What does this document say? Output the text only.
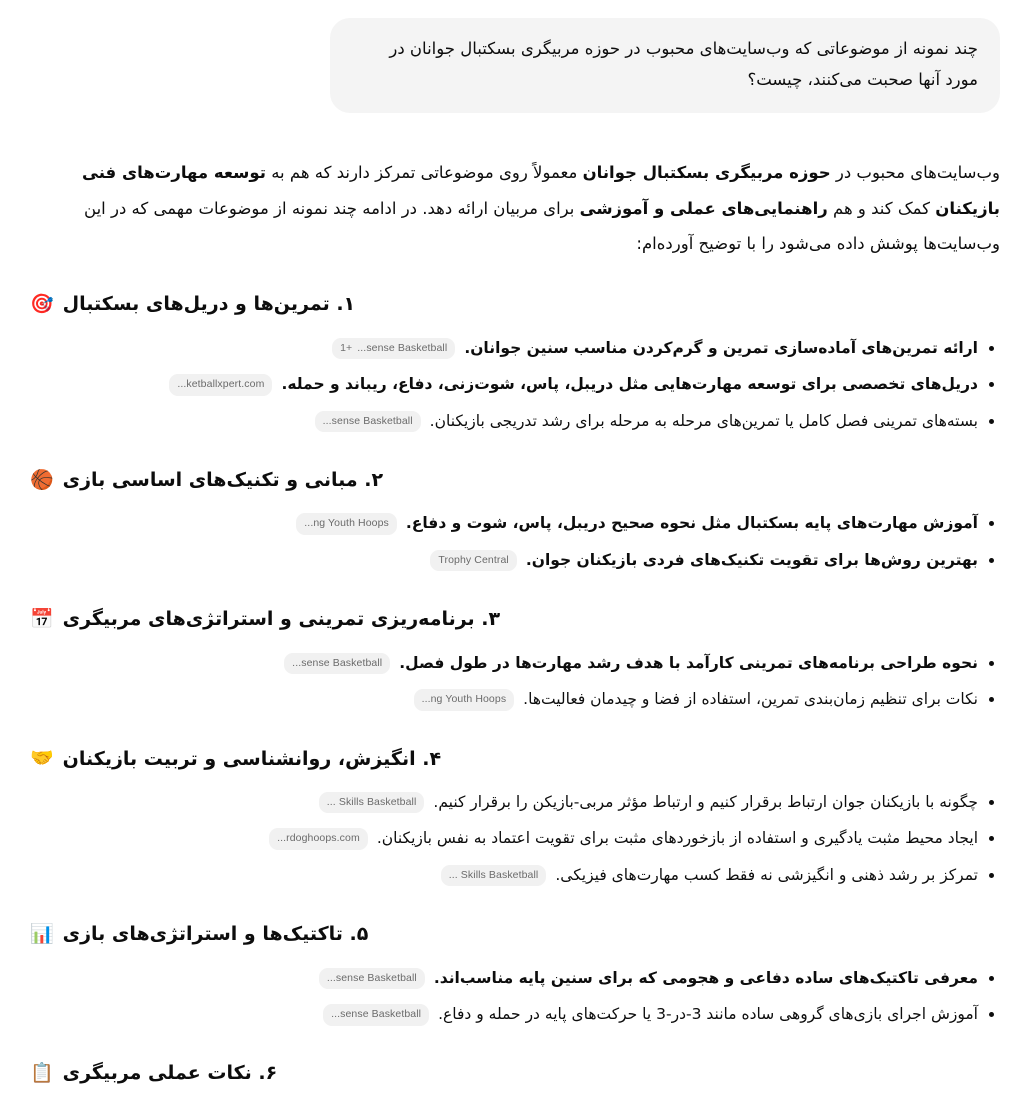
چند نمونه از موضوعاتی که وب‌سایت‌های محبوب در حوزه مربیگری بسکتبال جوانان در مورد آنها صحبت می‌کنند، چیست؟

وب‌سایت‌های محبوب در حوزه مربیگری بسکتبال جوانان معمولاً روی موضوعاتی تمرکز دارند که هم به توسعه مهارت‌های فنی بازیکنان کمک کند و هم راهنمایی‌های عملی و آموزشی برای مربیان ارائه دهد. در ادامه چند نمونه از موضوعات مهمی که در این وب‌سایت‌ها پوشش داده می‌شود را با توضیح آورده‌ام:

🎯 ۱. تمرین‌ها و دریل‌های بسکتبال
ارائه تمرین‌های آماده‌سازی تمرین و گرم‌کردن مناسب سنین جوانان.1+ ...sense Basketball
دریل‌های تخصصی برای توسعه مهارت‌هایی مثل دریبل، پاس، شوت‌زنی، دفاع، ریباند و حمله....ketballxpert.com
بسته‌های تمرینی فصل کامل یا تمرین‌های مرحله به مرحله برای رشد تدریجی بازیکنان....sense Basketball
🏀 ۲. مبانی و تکنیک‌های اساسی بازی
آموزش مهارت‌های پایه بسکتبال مثل نحوه صحیح دریبل، پاس، شوت و دفاع....ng Youth Hoops
بهترین روش‌ها برای تقویت تکنیک‌های فردی بازیکنان جوان.Trophy Central
📅 ۳. برنامه‌ریزی تمرینی و استراتژی‌های مربیگری
نحوه طراحی برنامه‌های تمرینی کارآمد با هدف رشد مهارت‌ها در طول فصل....sense Basketball
نکات برای تنظیم زمان‌بندی تمرین، استفاده از فضا و چیدمان فعالیت‌ها....ng Youth Hoops
🤝 ۴. انگیزش، روانشناسی و تربیت بازیکنان
چگونه با بازیکنان جوان ارتباط برقرار کنیم و ارتباط مؤثر مربی-بازیکن را برقرار کنیم.... Skills Basketball
ایجاد محیط مثبت یادگیری و استفاده از بازخوردهای مثبت برای تقویت اعتماد به نفس بازیکنان....rdoghoops.com
تمرکز بر رشد ذهنی و انگیزشی نه فقط کسب مهارت‌های فیزیکی.... Skills Basketball
📊 ۵. تاکتیک‌ها و استراتژی‌های بازی
معرفی تاکتیک‌های ساده دفاعی و هجومی که برای سنین پایه مناسب‌اند....sense Basketball
آموزش اجرای بازی‌های گروهی ساده مانند 3-در-3 یا حرکت‌های پایه در حمله و دفاع....sense Basketball
📋 ۶. نکات عملی مربیگری
